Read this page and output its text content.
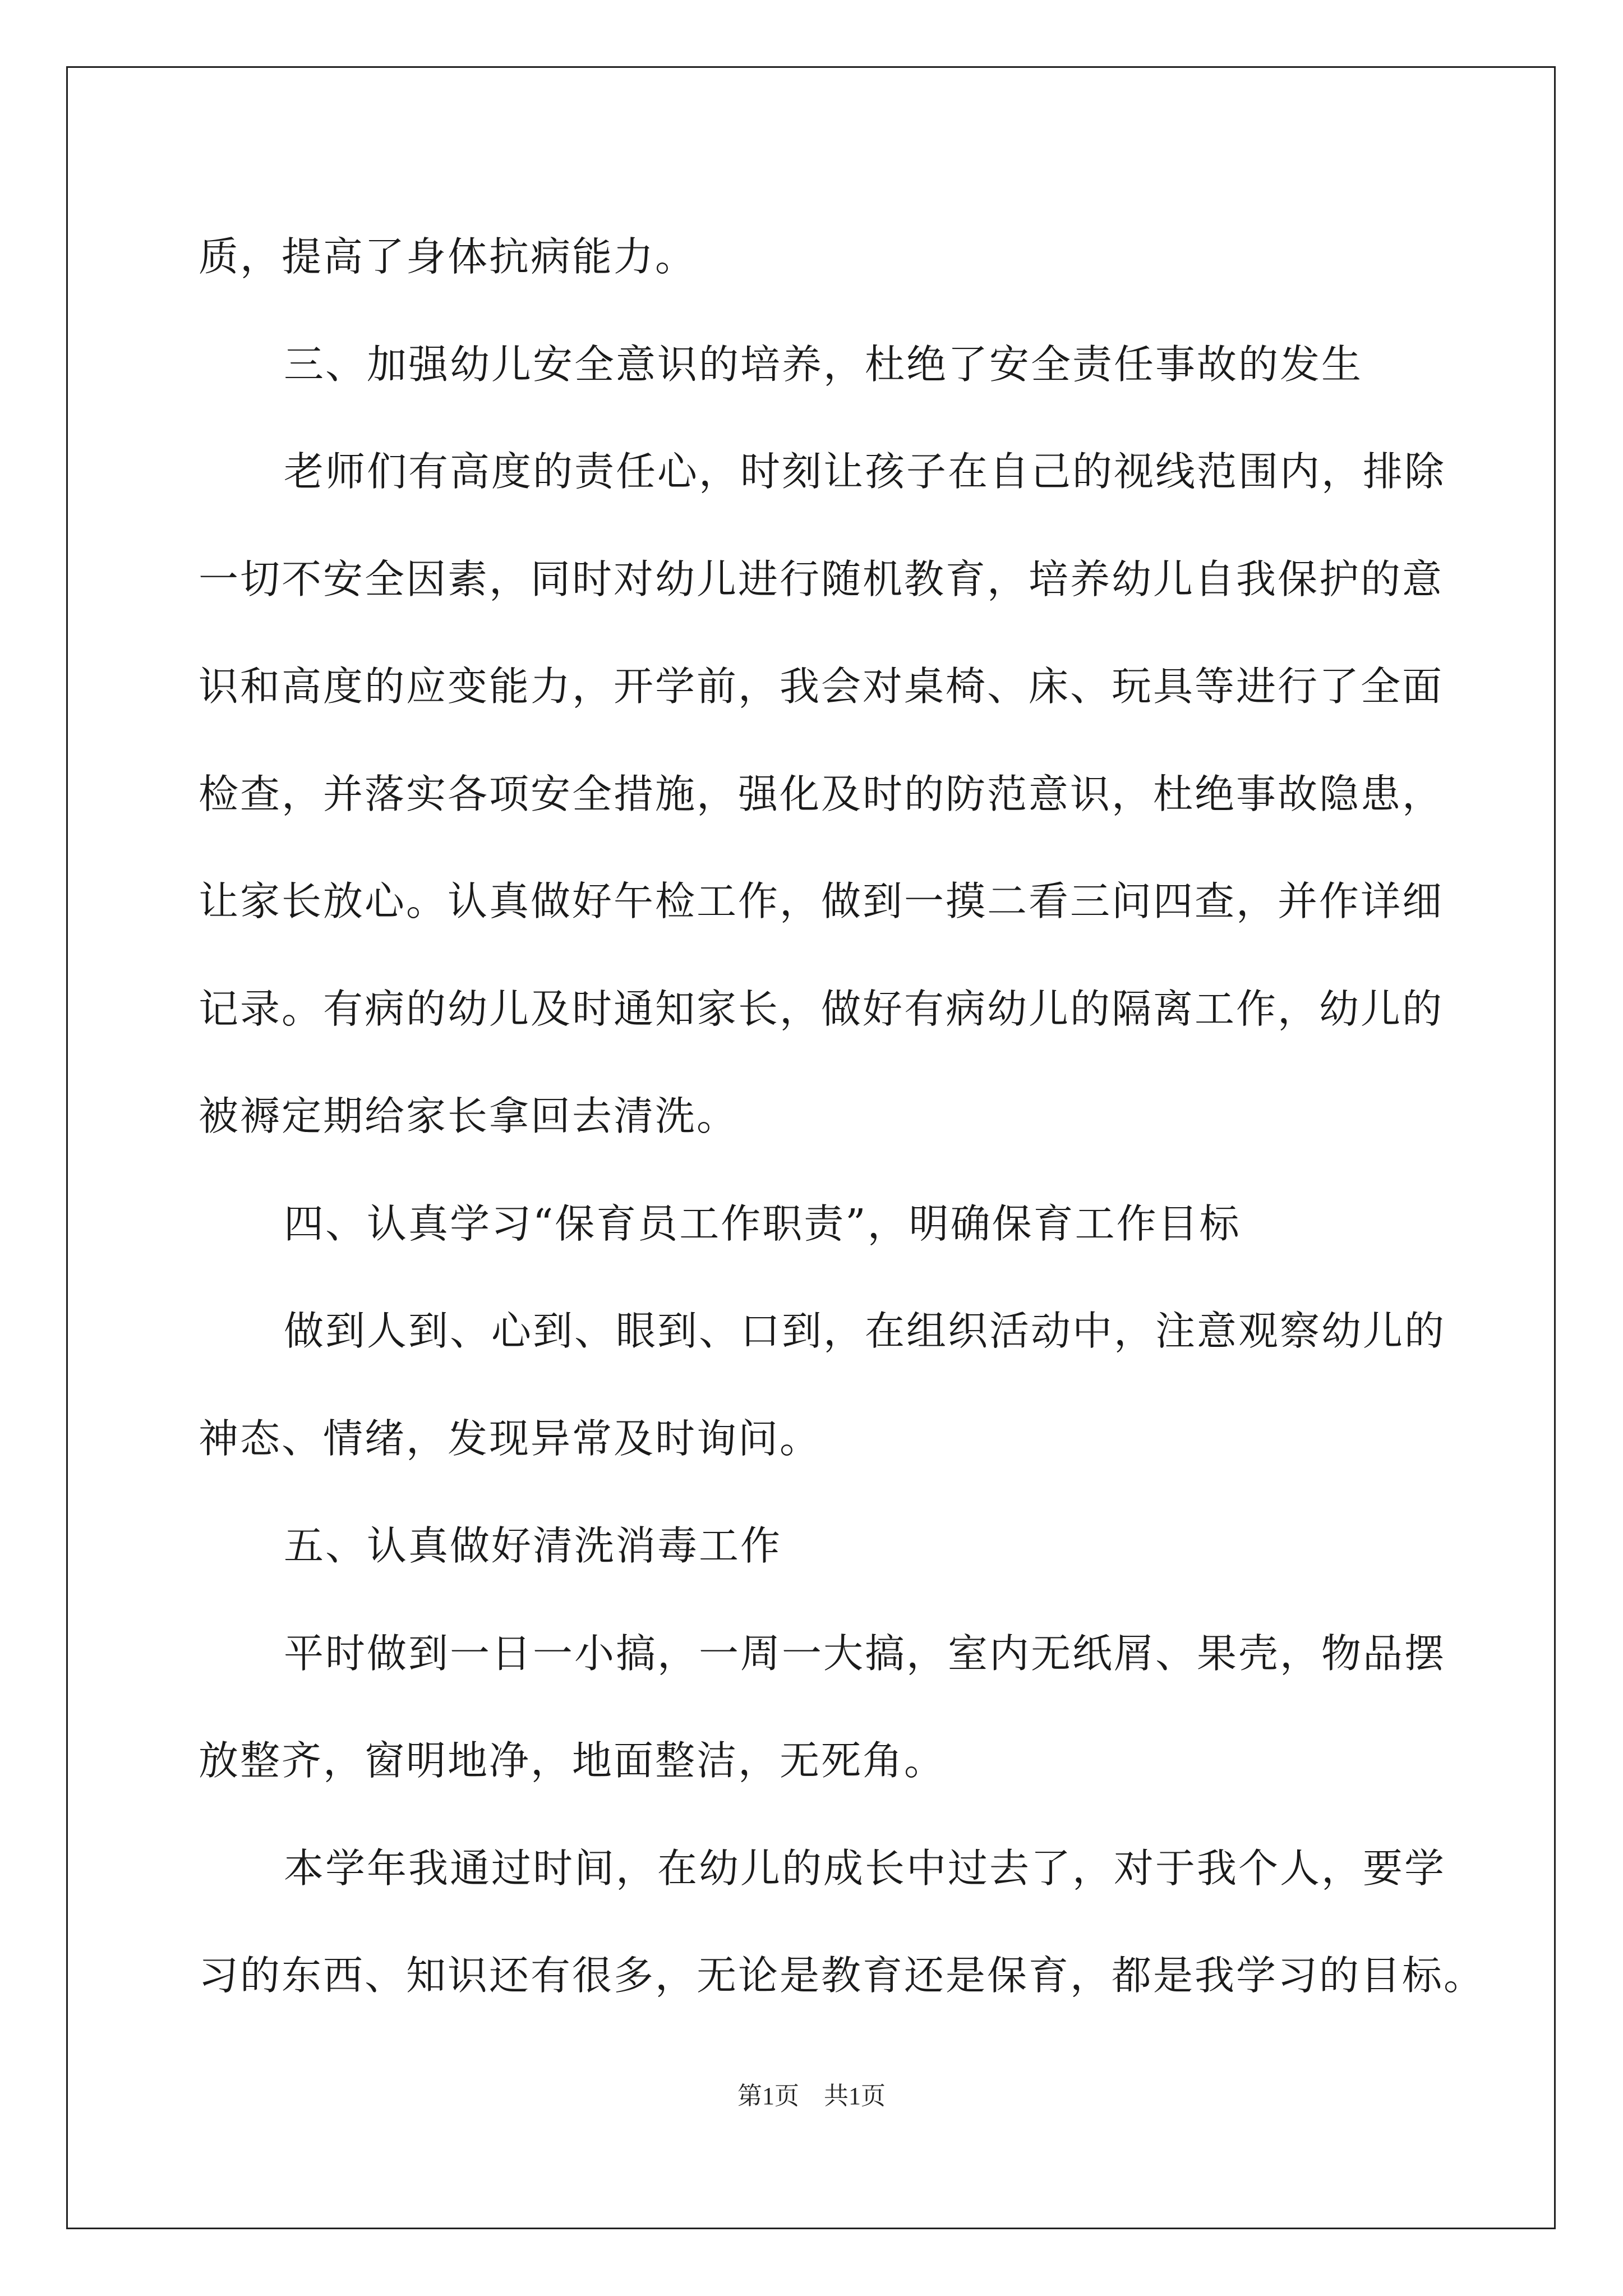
质，提高了身体抗病能力。
三、加强幼儿安全意识的培养，杜绝了安全责任事故的发生
老师们有高度的责任心，时刻让孩子在自己的视线范围内，排除
一切不安全因素，同时对幼儿进行随机教育，培养幼儿自我保护的意
识和高度的应变能力，开学前，我会对桌椅、床、玩具等进行了全面
检查，并落实各项安全措施，强化及时的防范意识，杜绝事故隐患，
让家长放心。认真做好午检工作，做到一摸二看三问四查，并作详细
记录。有病的幼儿及时通知家长，做好有病幼儿的隔离工作，幼儿的
被褥定期给家长拿回去清洗。
四、认真学习“保育员工作职责”，明确保育工作目标
做到人到、心到、眼到、口到，在组织活动中，注意观察幼儿的
神态、情绪，发现异常及时询问。
五、认真做好清洗消毒工作
平时做到一日一小搞，一周一大搞，室内无纸屑、果壳，物品摆
放整齐，窗明地净，地面整洁，无死角。
本学年我通过时间，在幼儿的成长中过去了，对于我个人，要学
习的东西、知识还有很多，无论是教育还是保育，都是我学习的目标。
第1页　共1页
